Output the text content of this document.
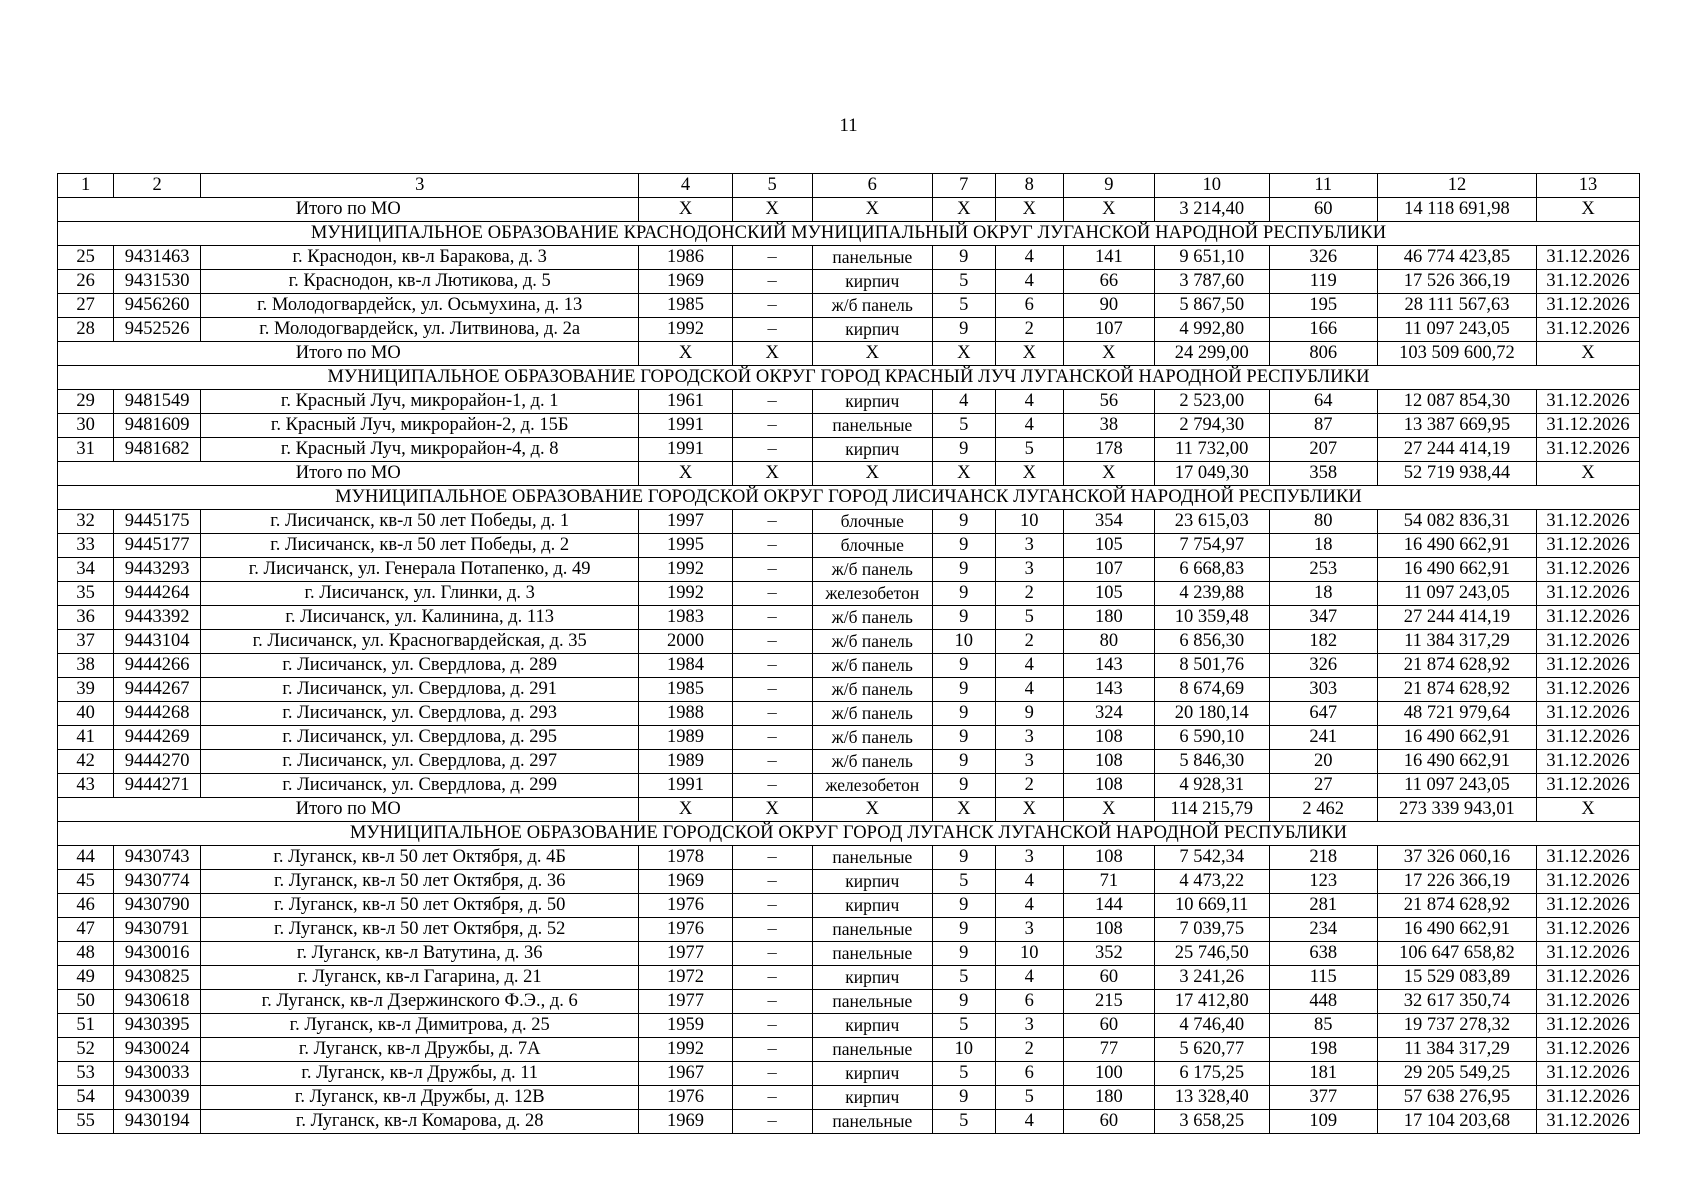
11
1	2	3	4	5	6	7	8	9	10	11	12	13
Итого по МО			X	X	X	X	X	X	3 214,40	60	14 118 691,98	X
МУНИЦИПАЛЬНОЕ ОБРАЗОВАНИЕ КРАСНОДОНСКИЙ МУНИЦИПАЛЬНЫЙ ОКРУГ ЛУГАНСКОЙ НАРОДНОЙ РЕСПУБЛИКИ												
25	9431463	г. Краснодон, кв-л Баракова, д. 3	1986	–	панельные	9	4	141	9 651,10	326	46 774 423,85	31.12.2026
26	9431530	г. Краснодон, кв-л Лютикова, д. 5	1969	–	кирпич	5	4	66	3 787,60	119	17 526 366,19	31.12.2026
27	9456260	г. Молодогвардейск, ул. Осьмухина, д. 13	1985	–	ж/б панель	5	6	90	5 867,50	195	28 111 567,63	31.12.2026
28	9452526	г. Молодогвардейск, ул. Литвинова, д. 2а	1992	–	кирпич	9	2	107	4 992,80	166	11 097 243,05	31.12.2026
Итого по МО			X	X	X	X	X	X	24 299,00	806	103 509 600,72	X
МУНИЦИПАЛЬНОЕ ОБРАЗОВАНИЕ ГОРОДСКОЙ ОКРУГ ГОРОД КРАСНЫЙ ЛУЧ ЛУГАНСКОЙ НАРОДНОЙ РЕСПУБЛИКИ												
29	9481549	г. Красный Луч, микрорайон-1, д. 1	1961	–	кирпич	4	4	56	2 523,00	64	12 087 854,30	31.12.2026
30	9481609	г. Красный Луч, микрорайон-2, д. 15Б	1991	–	панельные	5	4	38	2 794,30	87	13 387 669,95	31.12.2026
31	9481682	г. Красный Луч, микрорайон-4, д. 8	1991	–	кирпич	9	5	178	11 732,00	207	27 244 414,19	31.12.2026
Итого по МО			X	X	X	X	X	X	17 049,30	358	52 719 938,44	X
МУНИЦИПАЛЬНОЕ ОБРАЗОВАНИЕ ГОРОДСКОЙ ОКРУГ ГОРОД ЛИСИЧАНСК ЛУГАНСКОЙ НАРОДНОЙ РЕСПУБЛИКИ												
32	9445175	г. Лисичанск, кв-л 50 лет Победы, д. 1	1997	–	блочные	9	10	354	23 615,03	80	54 082 836,31	31.12.2026
33	9445177	г. Лисичанск, кв-л 50 лет Победы, д. 2	1995	–	блочные	9	3	105	7 754,97	18	16 490 662,91	31.12.2026
34	9443293	г. Лисичанск, ул. Генерала Потапенко, д. 49	1992	–	ж/б панель	9	3	107	6 668,83	253	16 490 662,91	31.12.2026
35	9444264	г. Лисичанск, ул. Глинки, д. 3	1992	–	железобетон	9	2	105	4 239,88	18	11 097 243,05	31.12.2026
36	9443392	г. Лисичанск, ул. Калинина, д. 113	1983	–	ж/б панель	9	5	180	10 359,48	347	27 244 414,19	31.12.2026
37	9443104	г. Лисичанск, ул. Красногвардейская, д. 35	2000	–	ж/б панель	10	2	80	6 856,30	182	11 384 317,29	31.12.2026
38	9444266	г. Лисичанск, ул. Свердлова, д. 289	1984	–	ж/б панель	9	4	143	8 501,76	326	21 874 628,92	31.12.2026
39	9444267	г. Лисичанск, ул. Свердлова, д. 291	1985	–	ж/б панель	9	4	143	8 674,69	303	21 874 628,92	31.12.2026
40	9444268	г. Лисичанск, ул. Свердлова, д. 293	1988	–	ж/б панель	9	9	324	20 180,14	647	48 721 979,64	31.12.2026
41	9444269	г. Лисичанск, ул. Свердлова, д. 295	1989	–	ж/б панель	9	3	108	6 590,10	241	16 490 662,91	31.12.2026
42	9444270	г. Лисичанск, ул. Свердлова, д. 297	1989	–	ж/б панель	9	3	108	5 846,30	20	16 490 662,91	31.12.2026
43	9444271	г. Лисичанск, ул. Свердлова, д. 299	1991	–	железобетон	9	2	108	4 928,31	27	11 097 243,05	31.12.2026
Итого по МО			X	X	X	X	X	X	114 215,79	2 462	273 339 943,01	X
МУНИЦИПАЛЬНОЕ ОБРАЗОВАНИЕ ГОРОДСКОЙ ОКРУГ ГОРОД ЛУГАНСК ЛУГАНСКОЙ НАРОДНОЙ РЕСПУБЛИКИ												
44	9430743	г. Луганск, кв-л 50 лет Октября, д. 4Б	1978	–	панельные	9	3	108	7 542,34	218	37 326 060,16	31.12.2026
45	9430774	г. Луганск, кв-л 50 лет Октября, д. 36	1969	–	кирпич	5	4	71	4 473,22	123	17 226 366,19	31.12.2026
46	9430790	г. Луганск, кв-л 50 лет Октября, д. 50	1976	–	кирпич	9	4	144	10 669,11	281	21 874 628,92	31.12.2026
47	9430791	г. Луганск, кв-л 50 лет Октября, д. 52	1976	–	панельные	9	3	108	7 039,75	234	16 490 662,91	31.12.2026
48	9430016	г. Луганск, кв-л Ватутина, д. 36	1977	–	панельные	9	10	352	25 746,50	638	106 647 658,82	31.12.2026
49	9430825	г. Луганск, кв-л Гагарина, д. 21	1972	–	кирпич	5	4	60	3 241,26	115	15 529 083,89	31.12.2026
50	9430618	г. Луганск, кв-л Дзержинского Ф.Э., д. 6	1977	–	панельные	9	6	215	17 412,80	448	32 617 350,74	31.12.2026
51	9430395	г. Луганск, кв-л Димитрова, д. 25	1959	–	кирпич	5	3	60	4 746,40	85	19 737 278,32	31.12.2026
52	9430024	г. Луганск, кв-л Дружбы, д. 7А	1992	–	панельные	10	2	77	5 620,77	198	11 384 317,29	31.12.2026
53	9430033	г. Луганск, кв-л Дружбы, д. 11	1967	–	кирпич	5	6	100	6 175,25	181	29 205 549,25	31.12.2026
54	9430039	г. Луганск, кв-л Дружбы, д. 12В	1976	–	кирпич	9	5	180	13 328,40	377	57 638 276,95	31.12.2026
55	9430194	г. Луганск, кв-л Комарова, д. 28	1969	–	панельные	5	4	60	3 658,25	109	17 104 203,68	31.12.2026
